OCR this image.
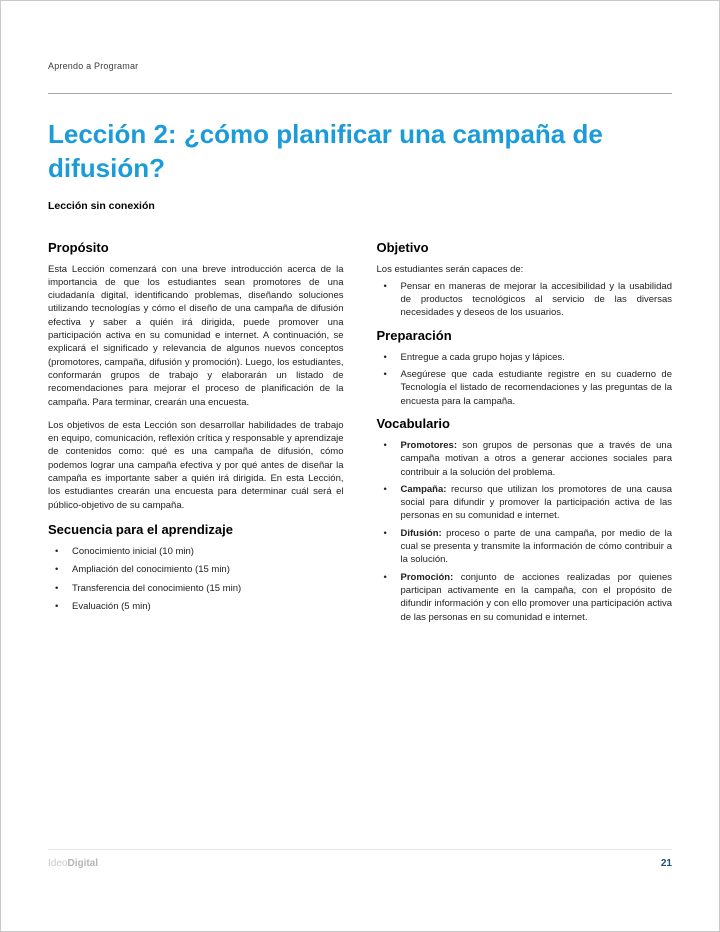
Aprendo a Programar
Lección 2: ¿cómo planificar una campaña de difusión?
Lección sin conexión
Propósito

Esta Lección comenzará con una breve introducción acerca de la importancia de que los estudiantes sean promotores de una ciudadanía digital, identificando problemas, diseñando soluciones utilizando tecnologías y cómo el diseño de una campaña de difusión efectiva y saber a quién irá dirigida, puede promover una participación activa en su comunidad e internet. A continuación, se explicará el significado y relevancia de algunos nuevos conceptos (promotores, campaña, difusión y promoción). Luego, los estudiantes, conformarán grupos de trabajo y elaborarán un listado de recomendaciones para mejorar el proceso de planificación de la campaña. Para terminar, crearán una encuesta.

Los objetivos de esta Lección son desarrollar habilidades de trabajo en equipo, comunicación, reflexión crítica y responsable y aprendizaje de contenidos como: qué es una campaña de difusión, cómo podemos lograr una campaña efectiva y por qué antes de diseñar la campaña es importante saber a quién irá dirigida. En esta Lección, los estudiantes crearán una encuesta para determinar cuál será el público-objetivo de su campaña.

Secuencia para el aprendizaje
• Conocimiento inicial (10 min)
• Ampliación del conocimiento (15 min)
• Transferencia del conocimiento (15 min)
• Evaluación (5 min)
Objetivo

Los estudiantes serán capaces de:

• Pensar en maneras de mejorar la accesibilidad y la usabilidad de productos tecnológicos al servicio de las diversas necesidades y deseos de los usuarios.
Preparación
• Entregue a cada grupo hojas y lápices.
• Asegúrese que cada estudiante registre en su cuaderno de Tecnología el listado de recomendaciones y las preguntas de la encuesta para la campaña.
Vocabulario
• Promotores: son grupos de personas que a través de una campaña motivan a otros a generar acciones sociales para contribuir a la solución del problema.
• Campaña: recurso que utilizan los promotores de una causa social para difundir y promover la participación activa de las personas en su comunidad e internet.
• Difusión: proceso o parte de una campaña, por medio de la cual se presenta y transmite la información de cómo contribuir a la solución.
• Promoción: conjunto de acciones realizadas por quienes participan activamente en la campaña, con el propósito de difundir información y con ello promover una participación activa de las personas en su comunidad e internet.
IdeoDigital	21
